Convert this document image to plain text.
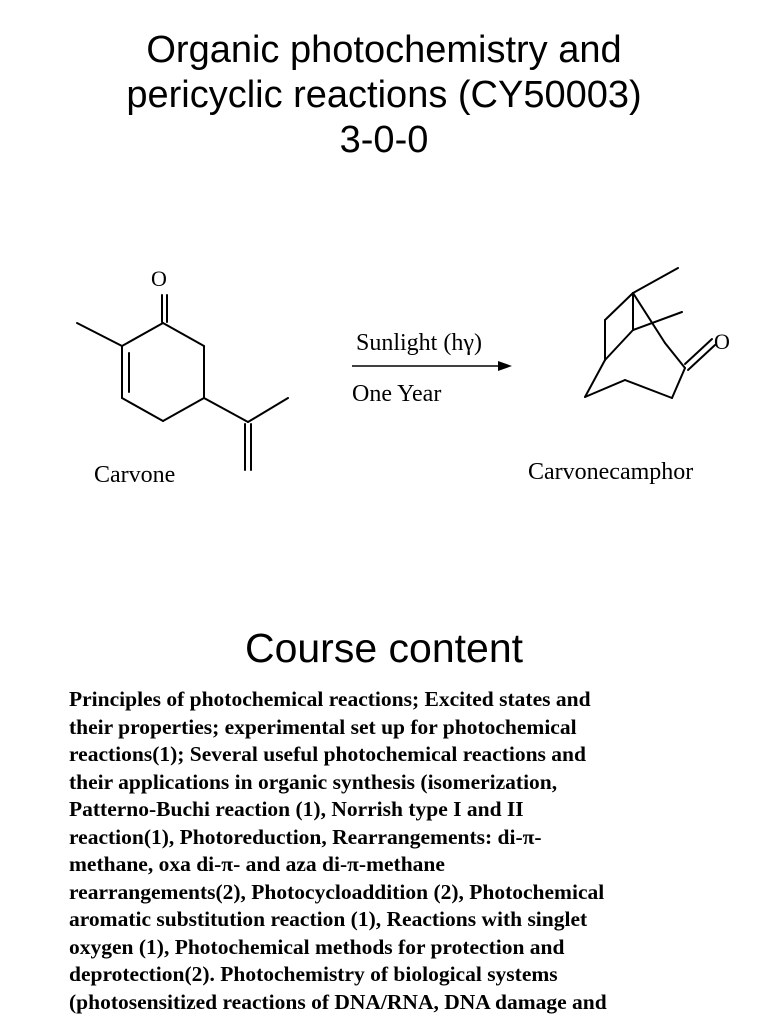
Organic photochemistry and
pericyclic reactions (CY50003)
3-0-0
O
Carvone
Sunlight (hγ)
One Year
O
Carvonecamphor
Course content
Principles of photochemical reactions; Excited states and
their properties; experimental set up for photochemical
reactions(1); Several useful photochemical reactions and
their applications in organic synthesis (isomerization,
Patterno-Buchi reaction (1), Norrish type I and II
reaction(1), Photoreduction, Rearrangements: di-π-
methane, oxa di-π- and aza di-π-methane
rearrangements(2), Photocycloaddition (2), Photochemical
aromatic substitution reaction (1), Reactions with singlet
oxygen (1), Photochemical methods for protection and
deprotection(2). Photochemistry of biological systems
(photosensitized reactions of DNA/RNA, DNA damage and
